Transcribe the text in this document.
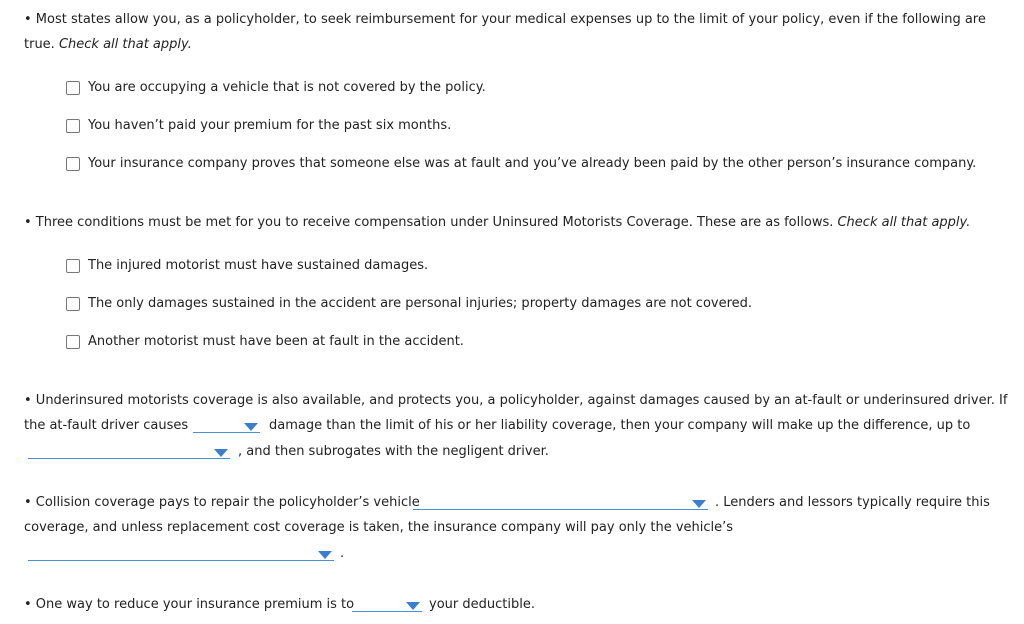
• Most states allow you, as a policyholder, to seek reimbursement for your medical expenses up to the limit of your policy, even if the following are
true. Check all that apply.
You are occupying a vehicle that is not covered by the policy.
You haven’t paid your premium for the past six months.
Your insurance company proves that someone else was at fault and you’ve already been paid by the other person’s insurance company.
• Three conditions must be met for you to receive compensation under Uninsured Motorists Coverage. These are as follows. Check all that apply.
The injured motorist must have sustained damages.
The only damages sustained in the accident are personal injuries; property damages are not covered.
Another motorist must have been at fault in the accident.
• Underinsured motorists coverage is also available, and protects you, a policyholder, against damages caused by an at-fault or underinsured driver. If
the at-fault driver causes	damage than the limit of his or her liability coverage, then your company will make up the difference, up to
, and then subrogates with the negligent driver.
• Collision coverage pays to repair the policyholder’s vehicle	. Lenders and lessors typically require this
coverage, and unless replacement cost coverage is taken, the insurance company will pay only the vehicle’s
.
• One way to reduce your insurance premium is to	your deductible.
